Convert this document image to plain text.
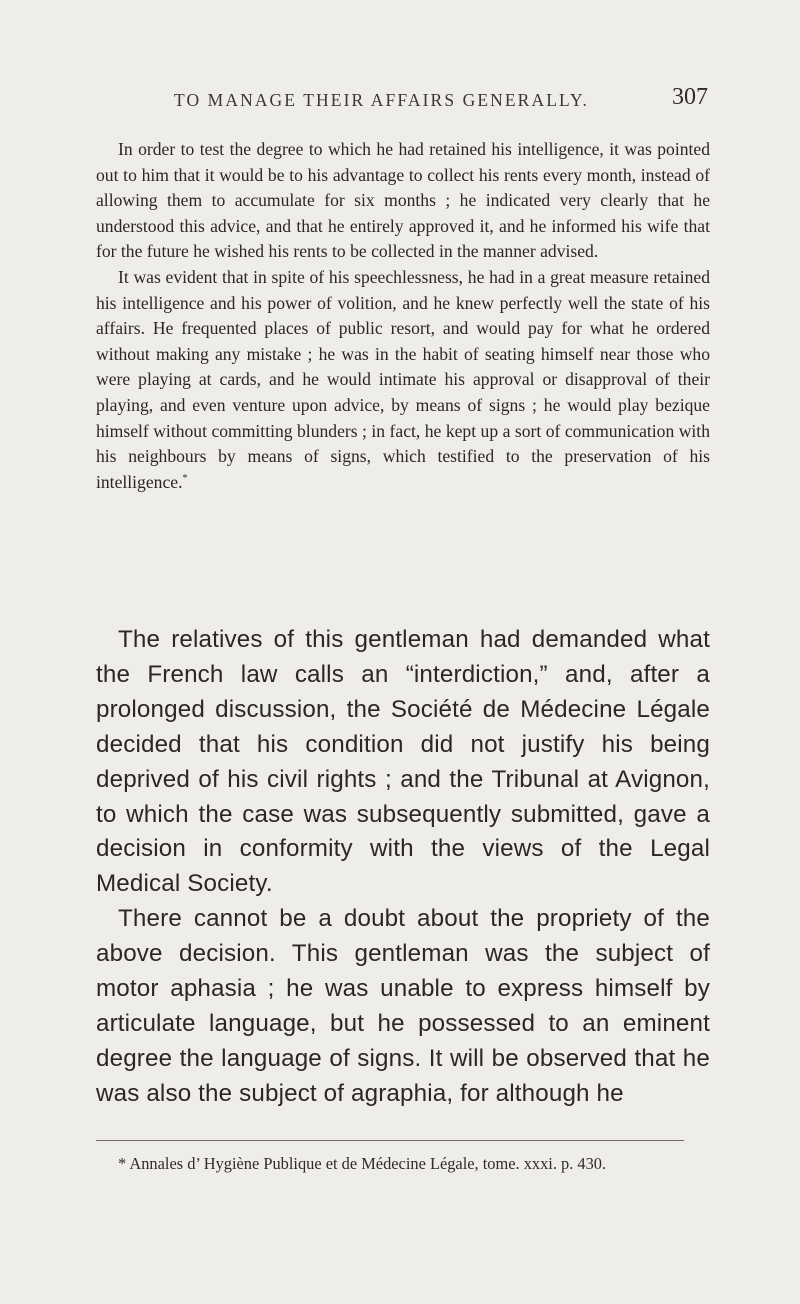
TO MANAGE THEIR AFFAIRS GENERALLY.	307

In order to test the degree to which he had retained his intelligence, it was pointed out to him that it would be to his advantage to collect his rents every month, instead of allowing them to accumulate for six months ; he indicated very clearly that he understood this advice, and that he entirely approved it, and he informed his wife that for the future he wished his rents to be collected in the manner advised.

It was evident that in spite of his speechlessness, he had in a great measure retained his intelligence and his power of volition, and he knew perfectly well the state of his affairs. He frequented places of public resort, and would pay for what he ordered without making any mistake ; he was in the habit of seating himself near those who were playing at cards, and he would intimate his approval or disapproval of their playing, and even venture upon advice, by means of signs ; he would play bezique himself without committing blunders ; in fact, he kept up a sort of communication with his neighbours by means of signs, which testified to the preservation of his intelligence.*

The relatives of this gentleman had demanded what the French law calls an “interdiction,” and, after a prolonged discussion, the Société de Médecine Légale decided that his condition did not justify his being deprived of his civil rights ; and the Tribunal at Avignon, to which the case was subsequently submitted, gave a decision in conformity with the views of the Legal Medical Society.

There cannot be a doubt about the propriety of the above decision. This gentleman was the subject of motor aphasia ; he was unable to express himself by articulate language, but he possessed to an eminent degree the language of signs. It will be observed that he was also the subject of agraphia, for although he

* Annales d’ Hygiène Publique et de Médecine Légale, tome. xxxi. p. 430.
